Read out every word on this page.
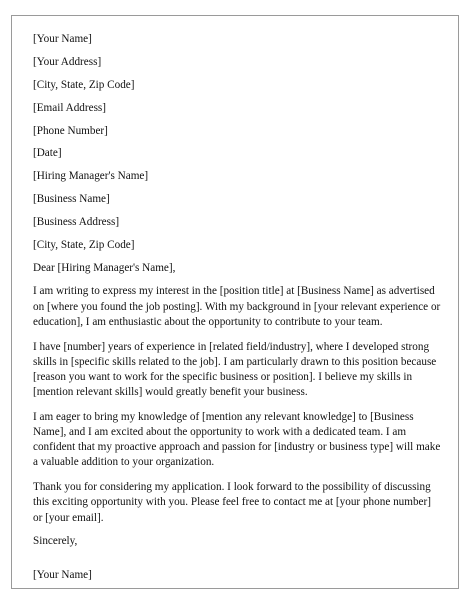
[Your Name]

[Your Address]

[City, State, Zip Code]

[Email Address]

[Phone Number]

[Date]

[Hiring Manager's Name]

[Business Name]

[Business Address]

[City, State, Zip Code]

Dear [Hiring Manager's Name],

I am writing to express my interest in the [position title] at [Business Name] as advertised
on [where you found the job posting]. With my background in [your relevant experience or
education], I am enthusiastic about the opportunity to contribute to your team.
I have [number] years of experience in [related field/industry], where I developed strong
skills in [specific skills related to the job]. I am particularly drawn to this position because
[reason you want to work for the specific business or position]. I believe my skills in
[mention relevant skills] would greatly benefit your business.
I am eager to bring my knowledge of [mention any relevant knowledge] to [Business
Name], and I am excited about the opportunity to work with a dedicated team. I am
confident that my proactive approach and passion for [industry or business type] will make
a valuable addition to your organization.
Thank you for considering my application. I look forward to the possibility of discussing
this exciting opportunity with you. Please feel free to contact me at [your phone number]
or [your email].

Sincerely,

[Your Name]
